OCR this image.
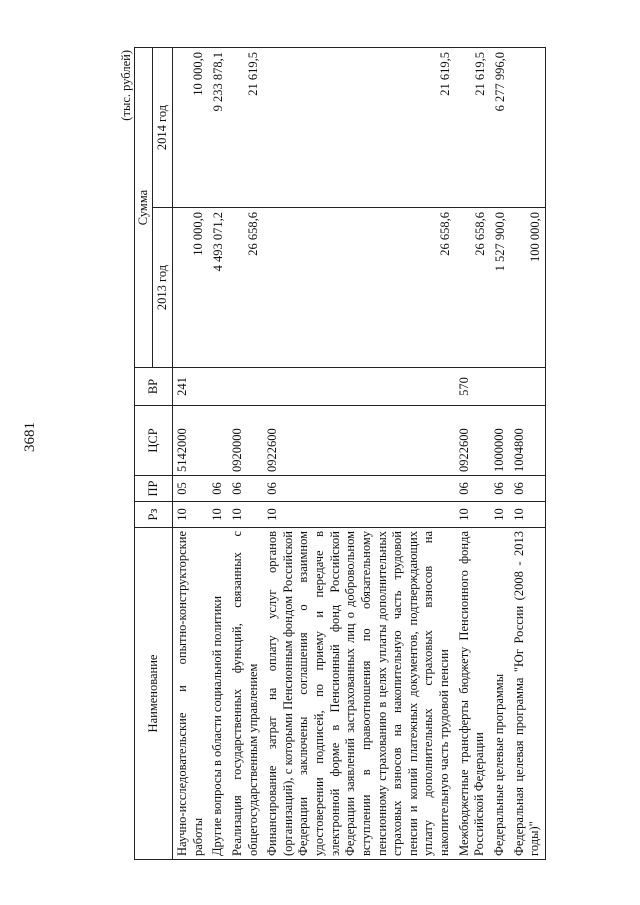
3681
(тыс. рублей)
Наименование	Рз	ПР	ЦСР	ВР	Сумма	
					2013 год	2014 год
Научно-исследовательские и опытно-конструкторские работы	10	05	5142000	241	10 000,0	10 000,0
Другие вопросы в области социальной политики	10	06			4 493 071,2	9 233 878,1
Реализация государственных функций, связанных с общегосударственным управлением	10	06	0920000		26 658,6	21 619,5
Финансирование затрат на оплату услуг органов (организаций), с которыми Пенсионным фондом Российской Федерации заключены соглашения о взаимном удостоверении подписей, по приему и передаче в электронной форме в Пенсионный фонд Российской Федерации заявлений застрахованных лиц о добровольном вступлении в правоотношения по обязательному пенсионному страхованию в целях уплаты дополнительных страховых взносов на накопительную часть трудовой пенсии и копий платежных документов, подтверждающих уплату дополнительных страховых взносов на накопительную часть трудовой пенсии	10	06	0922600		26 658,6	21 619,5
Межбюджетные трансферты бюджету Пенсионного фонда Российской Федерации	10	06	0922600	570	26 658,6	21 619,5
Федеральные целевые программы	10	06	1000000		1 527 900,0	6 277 996,0
Федеральная целевая программа "Юг России (2008 - 2013 годы)"	10	06	1004800		100 000,0	
